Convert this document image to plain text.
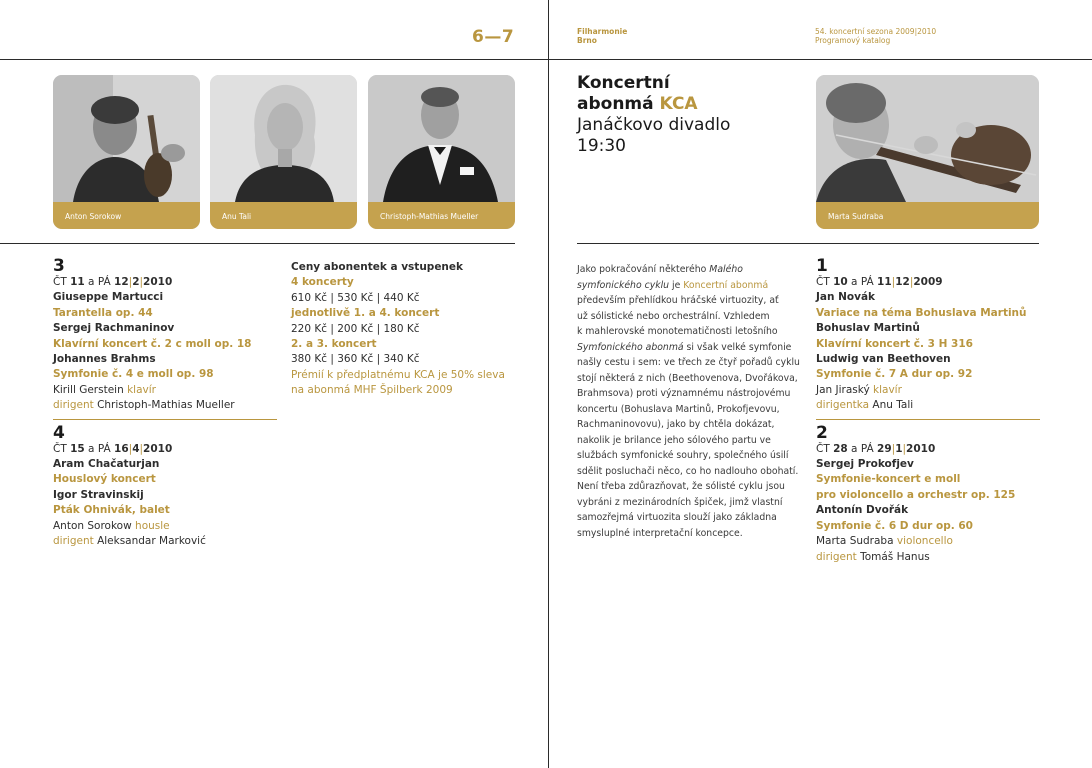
6—7
Anton Sorokow	Anu Tali	Christoph-Mathias Mueller
3
ČT 11 a PÁ 12|2|2010
Giuseppe Martucci
Tarantella op. 44
Sergej Rachmaninov
Klavírní koncert č. 2 c moll op. 18
Johannes Brahms
Symfonie č. 4 e moll op. 98
Kirill Gerstein klavír
dirigent Christoph-Mathias Mueller
4
ČT 15 a PÁ 16|4|2010
Aram Chačaturjan
Houslový koncert
Igor Stravinskij
Pták Ohnivák, balet
Anton Sorokow housle
dirigent Aleksandar Marković
Ceny abonentek a vstupenek
4 koncerty
610 Kč | 530 Kč | 440 Kč
jednotlivě 1. a 4. koncert
220 Kč | 200 Kč | 180 Kč
2. a 3. koncert
380 Kč | 360 Kč | 340 Kč
Prémií k předplatnému KCA je 50% sleva
na abonmá MHF Špilberk 2009
Filharmonie
Brno
54. koncertní sezona 2009|2010
Programový katalog
Koncertní
abonmá KCA
Janáčkovo divadlo
19:30
Marta Sudraba
Jako pokračování některého Malého
symfonického cyklu je Koncertní abonmá
především přehlídkou hráčské virtuozity, ať
už sólistické nebo orchestrální. Vzhledem
k mahlerovské monotematičnosti letošního
Symfonického abonmá si však velké symfonie
našly cestu i sem: ve třech ze čtyř pořadů cyklu
stojí některá z nich (Beethovenova, Dvořákova,
Brahmsova) proti významnému nástrojovému
koncertu (Bohuslava Martinů, Prokofjevovu,
Rachmaninovovu), jako by chtěla dokázat,
nakolik je brilance jeho sólového partu ve
službách symfonické souhry, společného úsilí
sdělit posluchači něco, co ho nadlouho obohatí.
Není třeba zdůrazňovat, že sólisté cyklu jsou
vybráni z mezinárodních špiček, jimž vlastní
samozřejmá virtuozita slouží jako základna
smysluplné interpretační koncepce.
1
ČT 10 a PÁ 11|12|2009
Jan Novák
Variace na téma Bohuslava Martinů
Bohuslav Martinů
Klavírní koncert č. 3 H 316
Ludwig van Beethoven
Symfonie č. 7 A dur op. 92
Jan Jiraský klavír
dirigentka Anu Tali
2
ČT 28 a PÁ 29|1|2010
Sergej Prokofjev
Symfonie-koncert e moll
pro violoncello a orchestr op. 125
Antonín Dvořák
Symfonie č. 6 D dur op. 60
Marta Sudraba violoncello
dirigent Tomáš Hanus
